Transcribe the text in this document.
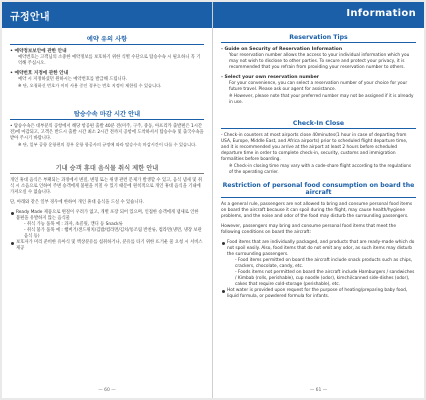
규정안내
예약 유의 사항
• 예약정보보안에 관한 안내
예약번호는 고객님의 소중한 예약정보를 보호하기 위한 식별 수단으로 탑승수속 시 필요하니 꼭 기억해 주십시오.
• 예약번호 지정에 관한 안내
예약 시 지정하셨던 원하시는 예약번호를 발급해 드립니다.
※ 단, 오청하신 번호가 이미 사용 중인 경우는 번호 지정이 제한될 수 있습니다.
탑승수속 마감 시간 안내
• 탑승수속은 대부분의 공항에서 해당 항공편 출발 40분 전(미주, 구주, 중동, 아프리카 출발편은 1시간 전)에 마감되고, 고객은 반드시 출발 시간 최소 2시간 전까지 공항에 도착하셔서 탑승수속 및 출국수속을 받아 주시기 바랍니다.
※ 단, 일부 공항 운항편의 경우 운항 항공사의 규정에 따라 탑승수속 마감시간이 다를 수 있습니다.
기내 승객 휴대 음식물 취식 제한 안내
개인 휴대 음식은 부패되는 과정에서 변질, 변형 또는 위생 관련 문제가 발생할 수 있고, 음식 냄새 및 취식 시 소음으로 인하여 주변 승객에게 불편을 끼칠 수 있기 때문에 원칙적으로 개인 휴대 음식을 기내에 가져오실 수 없습니다.
단, 아래와 같은 일부 경우에 한하여 개인 휴대 음식을 드실 수 있습니다.
Ready Made 제품으로 변질이 우려가 없고, 개별 포장 되어 있으며, 인접한 승객에게 냄새로 인한 불편을 유발하지 않는 음식물
- 취식 가능 품목 예 : 과자, 초콜릿, 캔디 등 Snack류
- 취식 불가 품목 예 : 햄버거/샌드위치/김밥/컵라면/김치/통조림 반찬류, 컵라면(냉면, 냉장 보관 음식 등)
보호자가 미리 준비한 유아식 및 액상분유를 섭취하거나, 분유를 타기 위한 뜨거운 물 요청 시 서비스 제공
— 60 —
Information
Reservation Tips
- Guide on Security of Reservation Information
Your reservation number allows the access to your individual information which you may not wish to disclose to other parties. To secure and protect your privacy, it is recommended that you refrain from providing your reservation number to others.
- Select your own reservation number
For your convenience, you can select a reservation number of your choice for your future travel. Please ask our agent for assistance.
※ However, please note that your preferred number may not be assigned if it is already in use.
Check-In Close
- Check-in counters at most airports close 40minutes(1 hour in case of departing from USA, Europe, Middle East, and Africa airports) prior to scheduled flight departure time, and it is recommended you arrive at the airport at least 2 hours before scheduled departure time in order to complete check-in, security, customs and immigration formalities before boarding.
※ Check-in closing time may vary with a code-share flight according to the regulations of the operating carrier.
Restriction of personal food consumption on board the aircraft
As a general rule, passengers are not allowed to bring and consume personal food items on board the aircraft because it can spoil during the flight, may cause health/hygiene problems, and the noise and odor of the food may disturb the surrounding passengers.
However, passengers may bring and consume personal food items that meet the following conditions on board the aircraft:
Food items that are individually packaged, and products that are ready-made which do not spoil easily. Also, food items that do not emit any odor, as such items may disturb the surrounding passengers.
- Food items permitted on board the aircraft include snack products such as chips, crackers, chocolate, candy, etc.
- Foods items not permitted on board the aircraft include Hamburgers / sandwiches / Kimbab (rolls, perishable), cup noodle (odor), kimchi/canned side-dishes (odor), cakes that require cold-storage (perishable), etc.
Hot water is provided upon request for the purpose of heating/preparing baby food, liquid formula, or powdered formula for infants.
— 61 —
